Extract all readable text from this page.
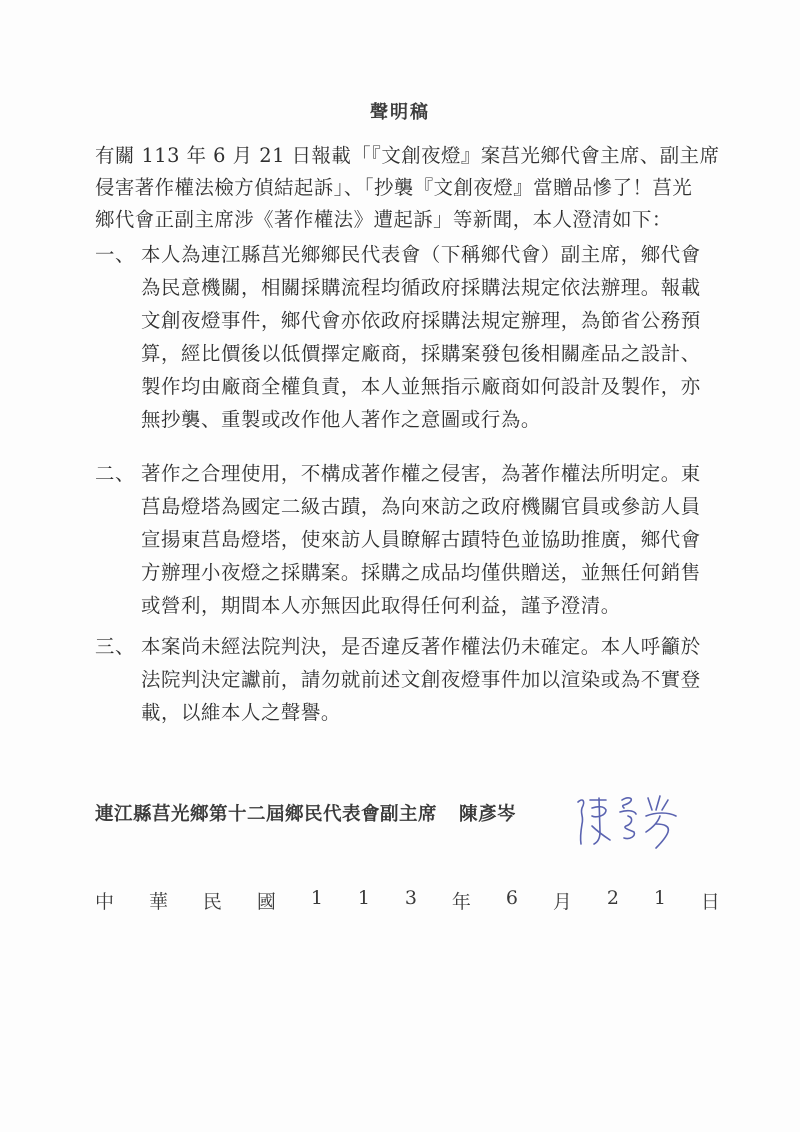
聲明稿
有關 113 年 6 月 21 日報載「『文創夜燈』案莒光鄉代會主席、副主席
侵害著作權法檢方偵結起訴」、「抄襲『文創夜燈』當贈品慘了！莒光
鄉代會正副主席涉《著作權法》遭起訴」等新聞，本人澄清如下：
一、 本人為連江縣莒光鄉鄉民代表會（下稱鄉代會）副主席，鄉代會
為民意機關，相關採購流程均循政府採購法規定依法辦理。報載
文創夜燈事件，鄉代會亦依政府採購法規定辦理，為節省公務預
算，經比價後以低價擇定廠商，採購案發包後相關產品之設計、
製作均由廠商全權負責，本人並無指示廠商如何設計及製作，亦
無抄襲、重製或改作他人著作之意圖或行為。
二、 著作之合理使用，不構成著作權之侵害，為著作權法所明定。東
莒島燈塔為國定二級古蹟，為向來訪之政府機關官員或參訪人員
宣揚東莒島燈塔，使來訪人員瞭解古蹟特色並協助推廣，鄉代會
方辦理小夜燈之採購案。採購之成品均僅供贈送，並無任何銷售
或營利，期間本人亦無因此取得任何利益，謹予澄清。
三、 本案尚未經法院判決，是否違反著作權法仍未確定。本人呼籲於
法院判決定讞前，請勿就前述文創夜燈事件加以渲染或為不實登
載，以維本人之聲譽。
連江縣莒光鄉第十二屆鄉民代表會副主席 陳彥岑
中 華 民 國 1 1 3 年 6 月 2 1 日
